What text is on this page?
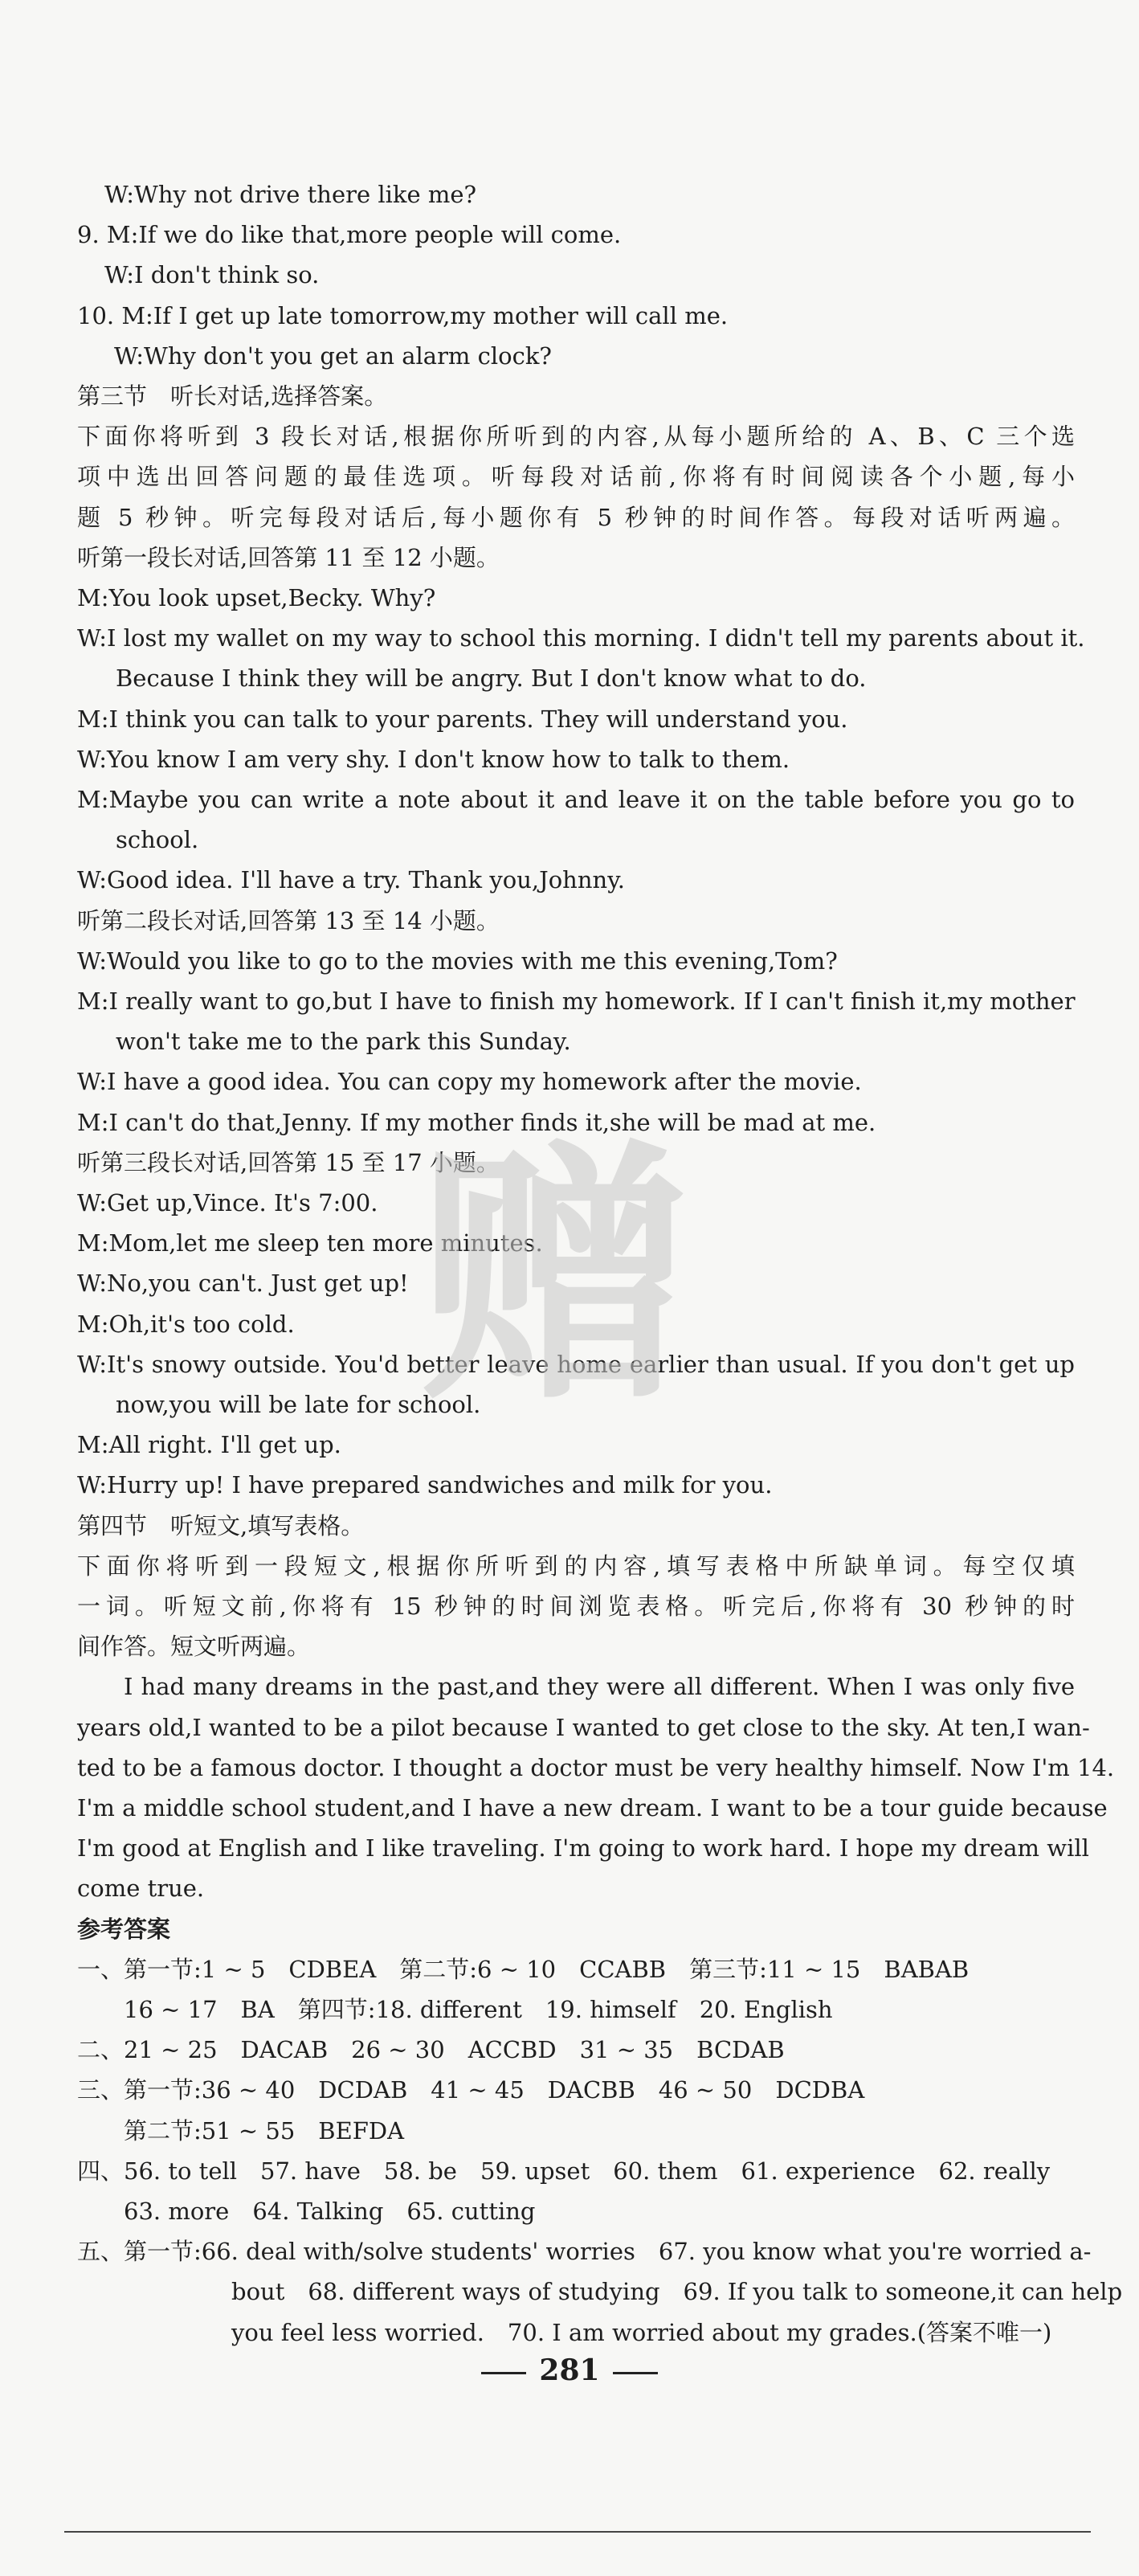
W:Why not drive there like me?
9. M:If we do like that,more people will come.
W:I don't think so.
10. M:If I get up late tomorrow,my mother will call me.
W:Why don't you get an alarm clock?
第三节　听长对话,选择答案。
下面你将听到 3 段长对话,根据你所听到的内容,从每小题所给的 A、B、C 三个选
项中选出回答问题的最佳选项。听每段对话前,你将有时间阅读各个小题,每小
题 5 秒钟。听完每段对话后,每小题你有 5 秒钟的时间作答。每段对话听两遍。
听第一段长对话,回答第 11 至 12 小题。
M:You look upset,Becky. Why?
W:I lost my wallet on my way to school this morning. I didn't tell my parents about it.
Because I think they will be angry. But I don't know what to do.
M:I think you can talk to your parents. They will understand you.
W:You know I am very shy. I don't know how to talk to them.
M:Maybe you can write a note about it and leave it on the table before you go to
school.
W:Good idea. I'll have a try. Thank you,Johnny.
听第二段长对话,回答第 13 至 14 小题。
W:Would you like to go to the movies with me this evening,Tom?
M:I really want to go,but I have to finish my homework. If I can't finish it,my mother
won't take me to the park this Sunday.
W:I have a good idea. You can copy my homework after the movie.
M:I can't do that,Jenny. If my mother finds it,she will be mad at me.
听第三段长对话,回答第 15 至 17 小题。
W:Get up,Vince. It's 7:00.
M:Mom,let me sleep ten more minutes.
W:No,you can't. Just get up!
M:Oh,it's too cold.
W:It's snowy outside. You'd better leave home earlier than usual. If you don't get up
now,you will be late for school.
M:All right. I'll get up.
W:Hurry up! I have prepared sandwiches and milk for you.
第四节　听短文,填写表格。
下面你将听到一段短文,根据你所听到的内容,填写表格中所缺单词。每空仅填
一词。听短文前,你将有 15 秒钟的时间浏览表格。听完后,你将有 30 秒钟的时
间作答。短文听两遍。
I had many dreams in the past,and they were all different. When I was only five
years old,I wanted to be a pilot because I wanted to get close to the sky. At ten,I wan-
ted to be a famous doctor. I thought a doctor must be very healthy himself. Now I'm 14.
I'm a middle school student,and I have a new dream. I want to be a tour guide because
I'm good at English and I like traveling. I'm going to work hard. I hope my dream will
come true.
参考答案
一、第一节:1 ~ 5　CDBEA　第二节:6 ~ 10　CCABB　第三节:11 ~ 15　BABAB
16 ~ 17　BA　第四节:18. different　19. himself　20. English
二、21 ~ 25　DACAB　26 ~ 30　ACCBD　31 ~ 35　BCDAB
三、第一节:36 ~ 40　DCDAB　41 ~ 45　DACBB　46 ~ 50　DCDBA
第二节:51 ~ 55　BEFDA
四、56. to tell　57. have　58. be　59. upset　60. them　61. experience　62. really
63. more　64. Talking　65. cutting
五、第一节:66. deal with/solve students' worries　67. you know what you're worried a-
bout　68. different ways of studying　69. If you talk to someone,it can help
you feel less worried.　70. I am worried about my grades.(答案不唯一)
赠
281
